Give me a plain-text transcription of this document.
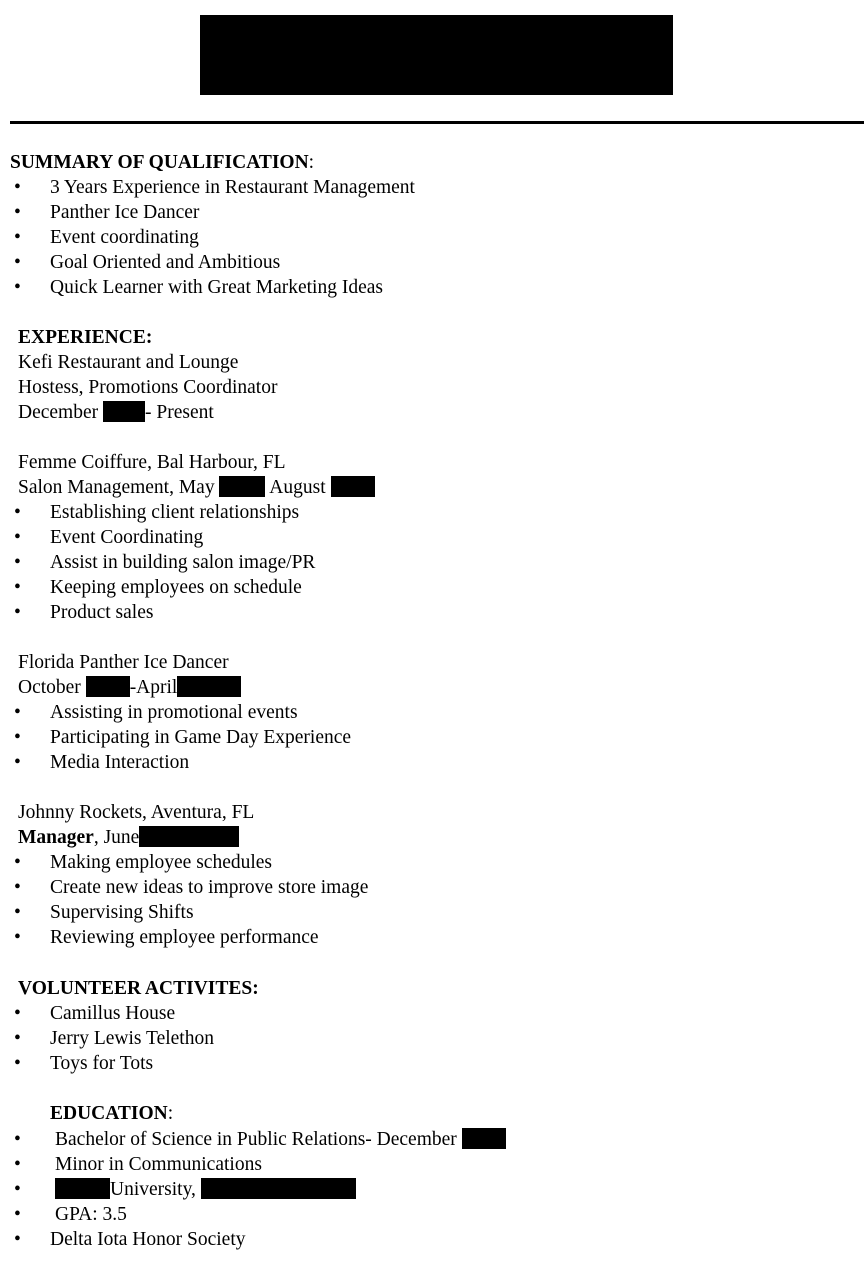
SUMMARY OF QUALIFICATION:
• 3 Years Experience in Restaurant Management
• Panther Ice Dancer
• Event coordinating
• Goal Oriented and Ambitious
• Quick Learner with Great Marketing Ideas
EXPERIENCE:
Kefi Restaurant and Lounge
Hostess, Promotions Coordinator
December - Present
Femme Coiffure, Bal Harbour, FL
Salon Management, May	August
• Establishing client relationships
• Event Coordinating
• Assist in building salon image/PR
• Keeping employees on schedule
• Product sales
Florida Panther Ice Dancer
October	-April
• Assisting in promotional events
• Participating in Game Day Experience
• Media Interaction
Johnny Rockets, Aventura, FL
Manager, June
• Making employee schedules
• Create new ideas to improve store image
• Supervising Shifts
• Reviewing employee performance
VOLUNTEER ACTIVITES:
• Camillus House
• Jerry Lewis Telethon
• Toys for Tots
EDUCATION:
• Bachelor of Science in Public Relations- December
• Minor in Communications
•	University,
• GPA: 3.5
• Delta Iota Honor Society
